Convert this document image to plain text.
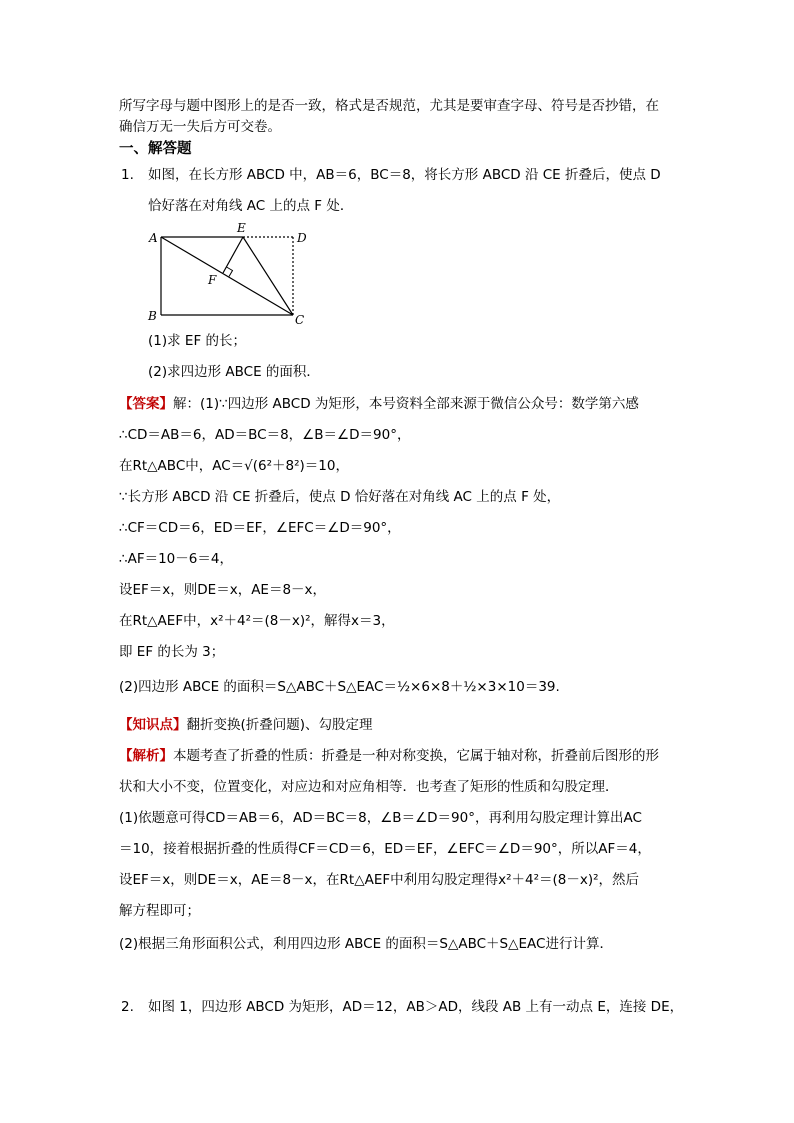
所写字母与题中图形上的是否一致，格式是否规范，尤其是要审查字母、符号是否抄错，在
确信万无一失后方可交卷。
一、解答题
1. 如图，在长方形 ABCD 中，AB＝6，BC＝8，将长方形 ABCD 沿 CE 折叠后，使点 D
恰好落在对角线 AC 上的点 F 处．
A
B	C
D
E
F
(1)求 EF 的长；
(2)求四边形 ABCE 的面积．
【答案】解：(1)∵四边形 ABCD 为矩形，本号资料全部来源于微信公众号：数学第六感
∴CD＝AB＝6，AD＝BC＝8，∠B＝∠D＝90°，
在Rt△ABC中，AC＝√(6²＋8²)＝10，
∵长方形 ABCD 沿 CE 折叠后，使点 D 恰好落在对角线 AC 上的点 F 处，
∴CF＝CD＝6，ED＝EF，∠EFC＝∠D＝90°，
∴AF＝10－6＝4，
设EF＝x，则DE＝x，AE＝8－x，
在Rt△AEF中，x²＋4²＝(8－x)²，解得x＝3，
即 EF 的长为 3；
(2)四边形 ABCE 的面积＝S△ABC＋S△EAC＝½×6×8＋½×3×10＝39.
【知识点】翻折变换(折叠问题)、勾股定理
【解析】本题考查了折叠的性质：折叠是一种对称变换，它属于轴对称，折叠前后图形的形
状和大小不变，位置变化，对应边和对应角相等．也考查了矩形的性质和勾股定理．
(1)依题意可得CD＝AB＝6，AD＝BC＝8，∠B＝∠D＝90°，再利用勾股定理计算出AC
＝10，接着根据折叠的性质得CF＝CD＝6，ED＝EF，∠EFC＝∠D＝90°，所以AF＝4，
设EF＝x，则DE＝x，AE＝8－x，在Rt△AEF中利用勾股定理得x²＋4²＝(8－x)²，然后
解方程即可；
(2)根据三角形面积公式，利用四边形 ABCE 的面积＝S△ABC＋S△EAC进行计算．
2. 如图 1，四边形 ABCD 为矩形，AD＝12，AB＞AD，线段 AB 上有一动点 E，连接 DE，
